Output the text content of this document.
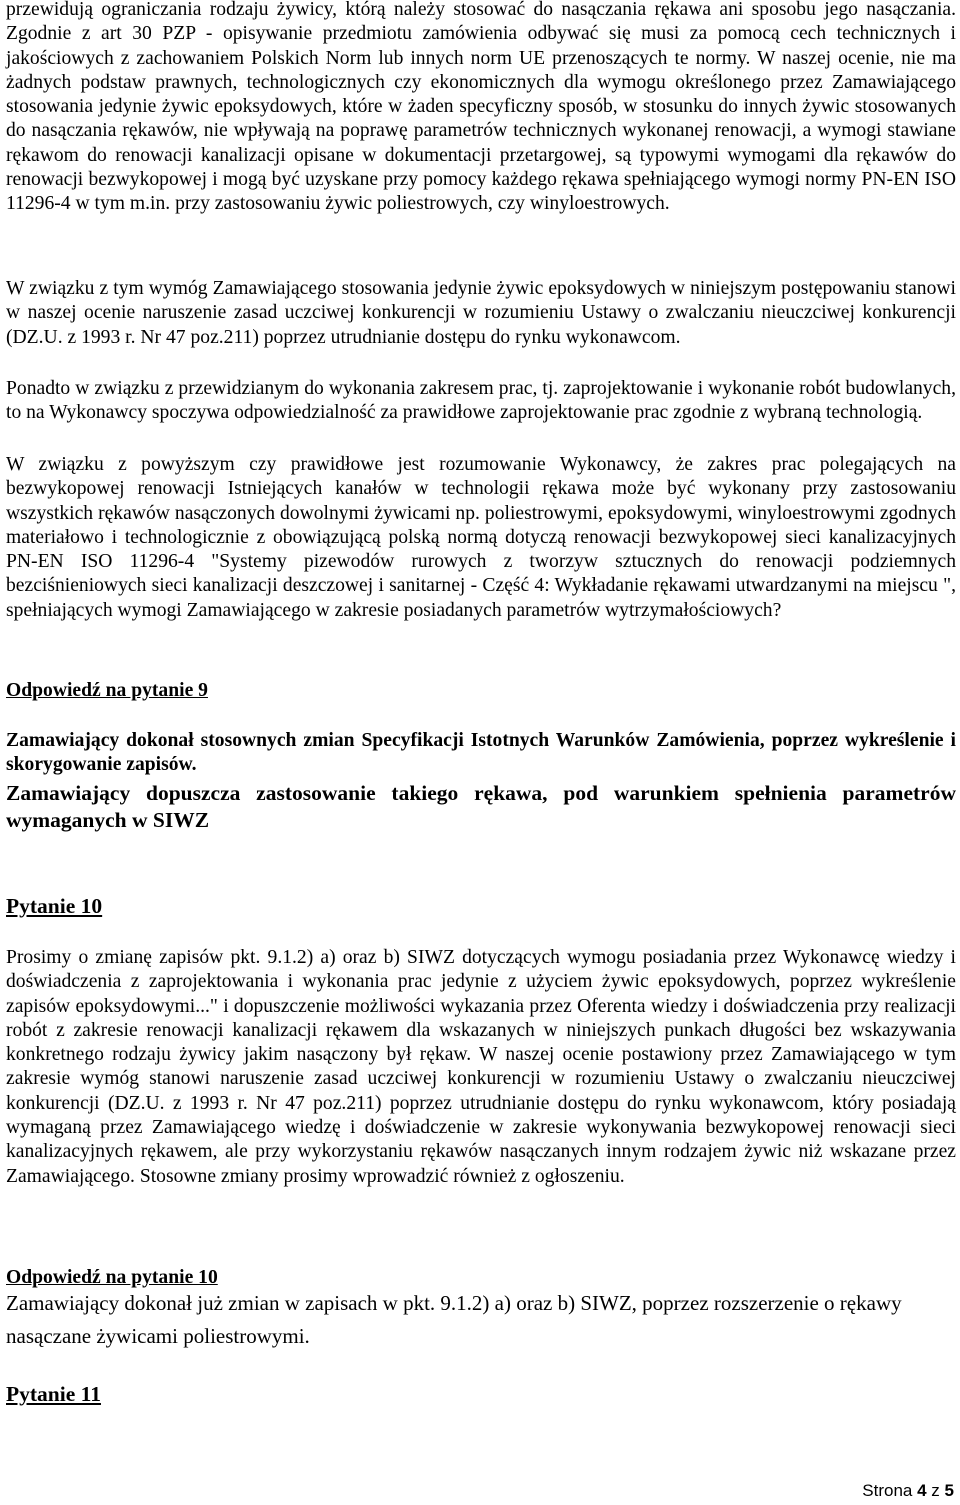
przewidują ograniczania rodzaju żywicy, którą należy stosować do nasączania rękawa ani sposobu jego nasączania. Zgodnie z art 30 PZP - opisywanie przedmiotu zamówienia odbywać się musi za pomocą cech technicznych i jakościowych z zachowaniem Polskich Norm lub innych norm UE przenoszących te normy. W naszej ocenie, nie ma żadnych podstaw prawnych, technologicznych czy ekonomicznych dla wymogu określonego przez Zamawiającego stosowania jedynie żywic epoksydowych, które w żaden specyficzny sposób, w stosunku do innych żywic stosowanych do nasączania rękawów, nie wpływają na poprawę parametrów technicznych wykonanej renowacji, a wymogi stawiane rękawom do renowacji kanalizacji opisane w dokumentacji przetargowej, są typowymi wymogami dla rękawów do renowacji bezwykopowej i mogą być uzyskane przy pomocy każdego rękawa spełniającego wymogi normy PN-EN ISO 11296-4 w tym m.in. przy zastosowaniu żywic poliestrowych, czy winyloestrowych.

W związku z tym wymóg Zamawiającego stosowania jedynie żywic epoksydowych w niniejszym postępowaniu stanowi w naszej ocenie naruszenie zasad uczciwej konkurencji w rozumieniu Ustawy o zwalczaniu nieuczciwej konkurencji (DZ.U. z 1993 r. Nr 47 poz.211) poprzez utrudnianie dostępu do rynku wykonawcom.

Ponadto w związku z przewidzianym do wykonania zakresem prac, tj. zaprojektowanie i wykonanie robót budowlanych, to na Wykonawcy spoczywa odpowiedzialność za prawidłowe zaprojektowanie prac zgodnie z wybraną technologią.

W związku z powyższym czy prawidłowe jest rozumowanie Wykonawcy, że zakres prac polegających na bezwykopowej renowacji Istniejących kanałów w technologii rękawa może być wykonany przy zastosowaniu wszystkich rękawów nasączonych dowolnymi żywicami np. poliestrowymi, epoksydowymi, winyloestrowymi zgodnych materiałowo i technologicznie z obowiązującą polską normą dotyczą renowacji bezwykopowej sieci kanalizacyjnych PN-EN ISO 11296-4 "Systemy pizewodów rurowych z tworzyw sztucznych do renowacji podziemnych bezciśnieniowych sieci kanalizacji deszczowej i sanitarnej - Część 4: Wykładanie rękawami utwardzanymi na miejscu ", spełniających wymogi Zamawiającego w zakresie posiadanych parametrów wytrzymałościowych?

Odpowiedź na pytanie 9

Zamawiający dokonał stosownych zmian Specyfikacji Istotnych Warunków Zamówienia, poprzez wykreślenie i skorygowanie zapisów.

Zamawiający dopuszcza zastosowanie takiego rękawa, pod warunkiem spełnienia parametrów wymaganych w SIWZ

Pytanie 10

Prosimy o zmianę zapisów pkt. 9.1.2) a) oraz b) SIWZ dotyczących wymogu posiadania przez Wykonawcę wiedzy i doświadczenia z zaprojektowania i wykonania prac jedynie z użyciem żywic epoksydowych, poprzez wykreślenie zapisów epoksydowymi..." i dopuszczenie możliwości wykazania przez Oferenta wiedzy i doświadczenia przy realizacji robót z zakresie renowacji kanalizacji rękawem dla wskazanych w niniejszych punkach długości bez wskazywania konkretnego rodzaju żywicy jakim nasączony był rękaw. W naszej ocenie postawiony przez Zamawiającego w tym zakresie wymóg stanowi naruszenie zasad uczciwej konkurencji w rozumieniu Ustawy o zwalczaniu nieuczciwej konkurencji (DZ.U. z 1993 r. Nr 47 poz.211) poprzez utrudnianie dostępu do rynku wykonawcom, który posiadają wymaganą przez Zamawiającego wiedzę i doświadczenie w zakresie wykonywania bezwykopowej renowacji sieci kanalizacyjnych rękawem, ale przy wykorzystaniu rękawów nasączanych innym rodzajem żywic niż wskazane przez Zamawiającego. Stosowne zmiany prosimy wprowadzić również z ogłoszeniu.

Odpowiedź na pytanie 10

Zamawiający dokonał już zmian w zapisach w pkt. 9.1.2) a) oraz b) SIWZ, poprzez rozszerzenie o rękawy nasączane żywicami poliestrowymi.

Pytanie 11

Strona 4 z 5
